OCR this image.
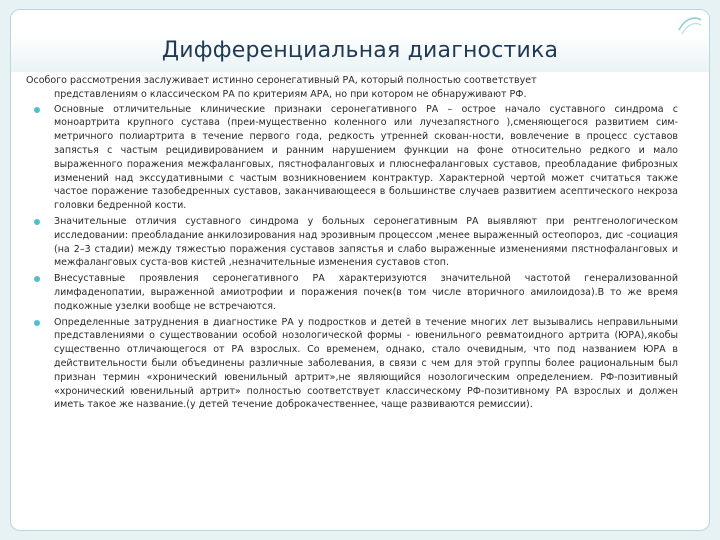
Дифференциальная диагностика

Особого рассмотрения заслуживает истинно серонегативный РА, который полностью соответствует
представлениям о классическом РА по критериям АРА, но при котором не обнаруживают РФ.

Основные отличительные клинические признаки серонегативного РА – острое начало суставного синдрома с моноартрита крупного сустава (преи-мущественно коленного или лучезапястного ),сменяющегося развитием сим-метричного полиартрита в течение первого года, редкость утренней скован-ности, вовлечение в процесс суставов запястья с частым рецидивированием и ранним нарушением функции на фоне относительно редкого и мало выраженного поражения межфаланговых, пястнофаланговых и плюснефаланговых суставов, преобладание фиброзных изменений над экссудативными с частым возникновением контрактур. Характерной чертой может считаться также частое поражение тазобедренных суставов, заканчивающееся в большинстве случаев развитием асептического некроза головки бедренной кости.
Значительные отличия суставного синдрома у больных серонегативным РА выявляют при рентгенологическом исследовании: преобладание анкилозирования над эрозивным процессом ,менее выраженный остеопороз, дис -социация (на 2–3 стадии) между тяжестью поражения суставов запястья и слабо выраженные изменениями пястнофаланговых и межфаланговых суста-вов кистей ,незначительные изменения суставов стоп.
Внесуставные проявления серонегативного РА характеризуются значительной частотой генерализованной лимфаденопатии, выраженной амиотрофии и поражения почек(в том числе вторичного амилоидоза).В то же время подкожные узелки вообще не встречаются.
Определенные затруднения в диагностике РА у подростков и детей в течение многих лет вызывались неправильными представлениями о существовании особой нозологической формы - ювенильного ревматоидного артрита (ЮРА),якобы существенно отличающегося от РА взрослых. Со временем, однако, стало очевидным, что под названием ЮРА в действительности были объединены различные заболевания, в связи с чем для этой группы более рациональным был признан термин «хронический ювенильный артрит»,не являющийся нозологическим определением. РФ-позитивный «хронический ювенильный артрит» полностью соответствует классическому РФ-позитивному РА взрослых и должен иметь такое же название.(у детей течение доброкачественнее, чаще развиваются ремиссии).
